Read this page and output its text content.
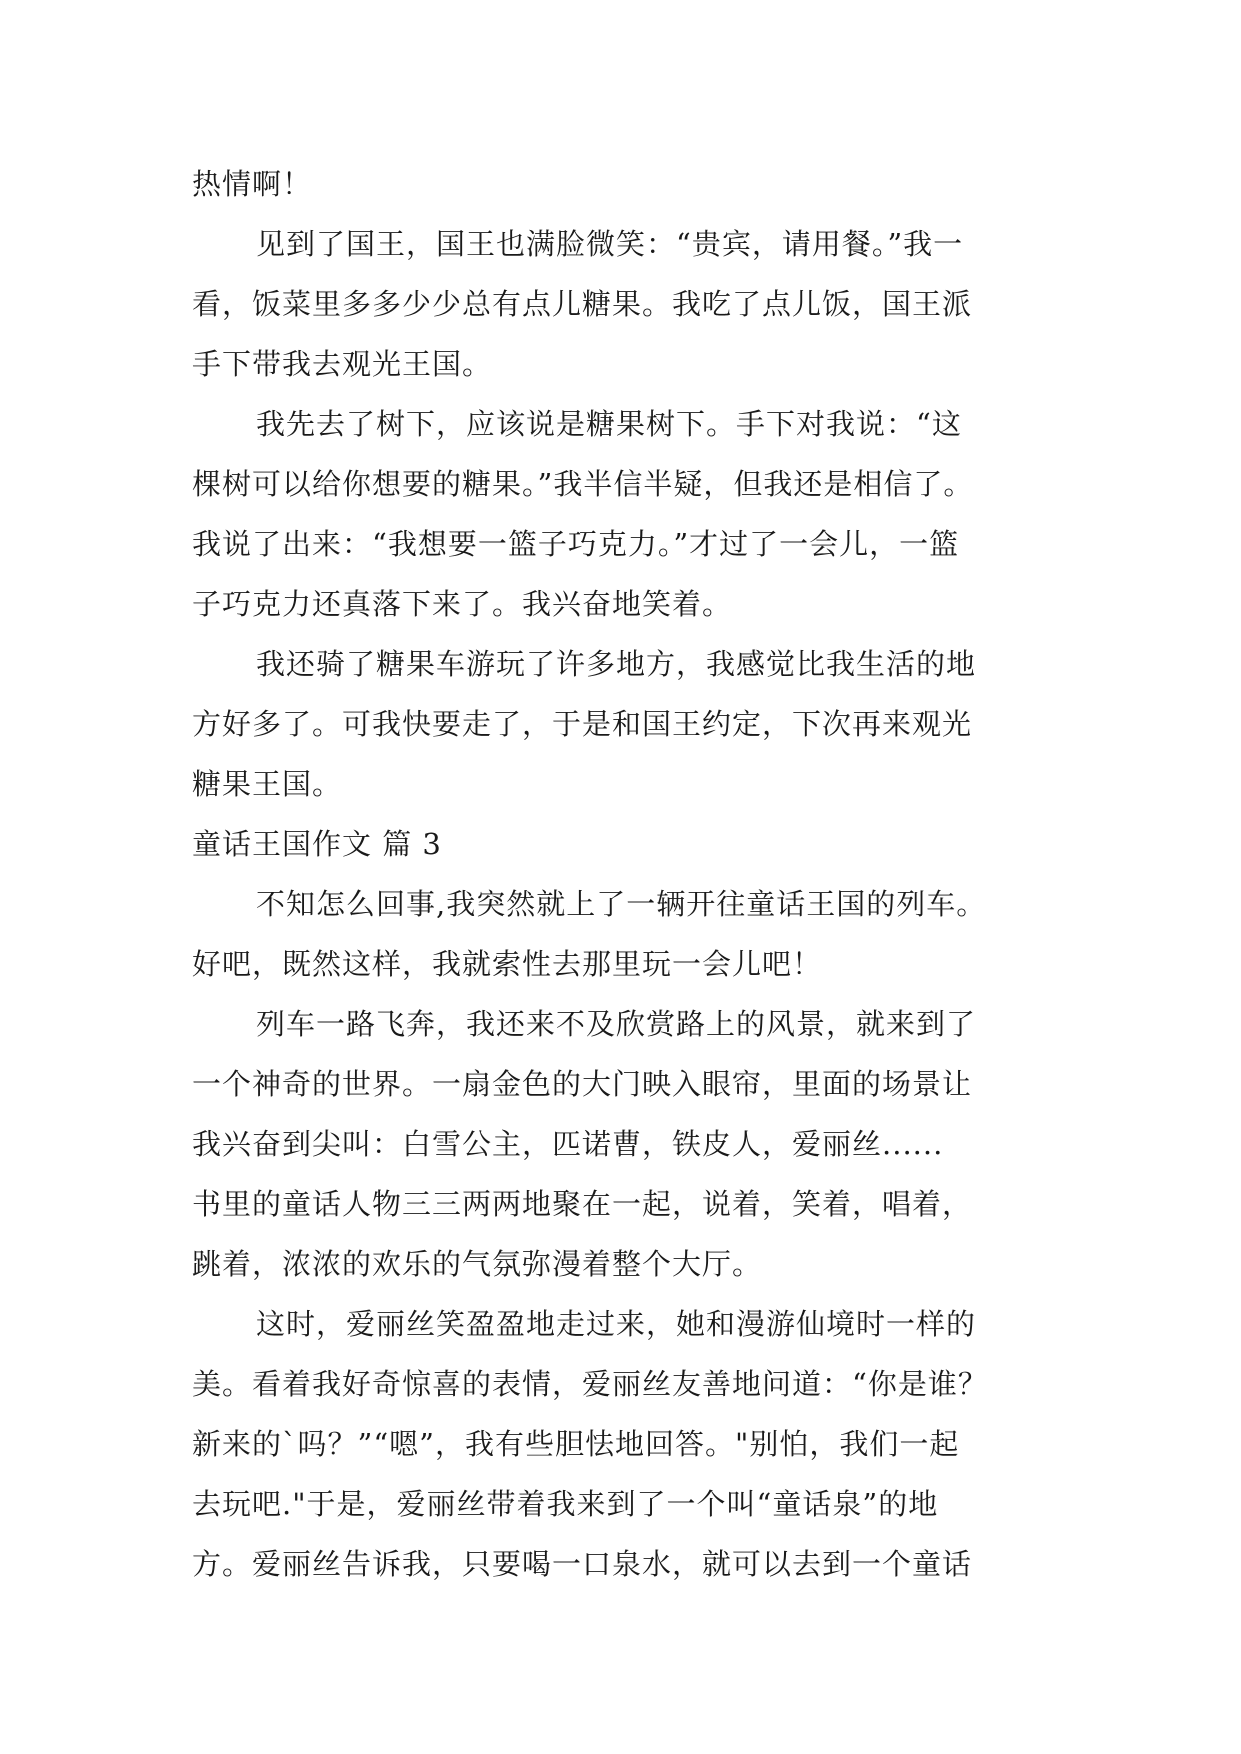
热情啊！
见到了国王，国王也满脸微笑：“贵宾，请用餐。”我一
看，饭菜里多多少少总有点儿糖果。我吃了点儿饭，国王派
手下带我去观光王国。
我先去了树下，应该说是糖果树下。手下对我说：“这
棵树可以给你想要的糖果。”我半信半疑，但我还是相信了。
我说了出来：“我想要一篮子巧克力。”才过了一会儿，一篮
子巧克力还真落下来了。我兴奋地笑着。
我还骑了糖果车游玩了许多地方，我感觉比我生活的地
方好多了。可我快要走了，于是和国王约定，下次再来观光
糖果王国。
童话王国作文 篇 3
不知怎么回事,我突然就上了一辆开往童话王国的列车。
好吧，既然这样，我就索性去那里玩一会儿吧！
列车一路飞奔，我还来不及欣赏路上的风景，就来到了
一个神奇的世界。一扇金色的大门映入眼帘，里面的场景让
我兴奋到尖叫：白雪公主，匹诺曹，铁皮人，爱丽丝......
书里的童话人物三三两两地聚在一起，说着，笑着，唱着，
跳着，浓浓的欢乐的气氛弥漫着整个大厅。
这时，爱丽丝笑盈盈地走过来，她和漫游仙境时一样的
美。看着我好奇惊喜的表情，爱丽丝友善地问道：“你是谁？
新来的`吗？”“嗯”，我有些胆怯地回答。"别怕，我们一起
去玩吧."于是，爱丽丝带着我来到了一个叫“童话泉”的地
方。爱丽丝告诉我，只要喝一口泉水，就可以去到一个童话
